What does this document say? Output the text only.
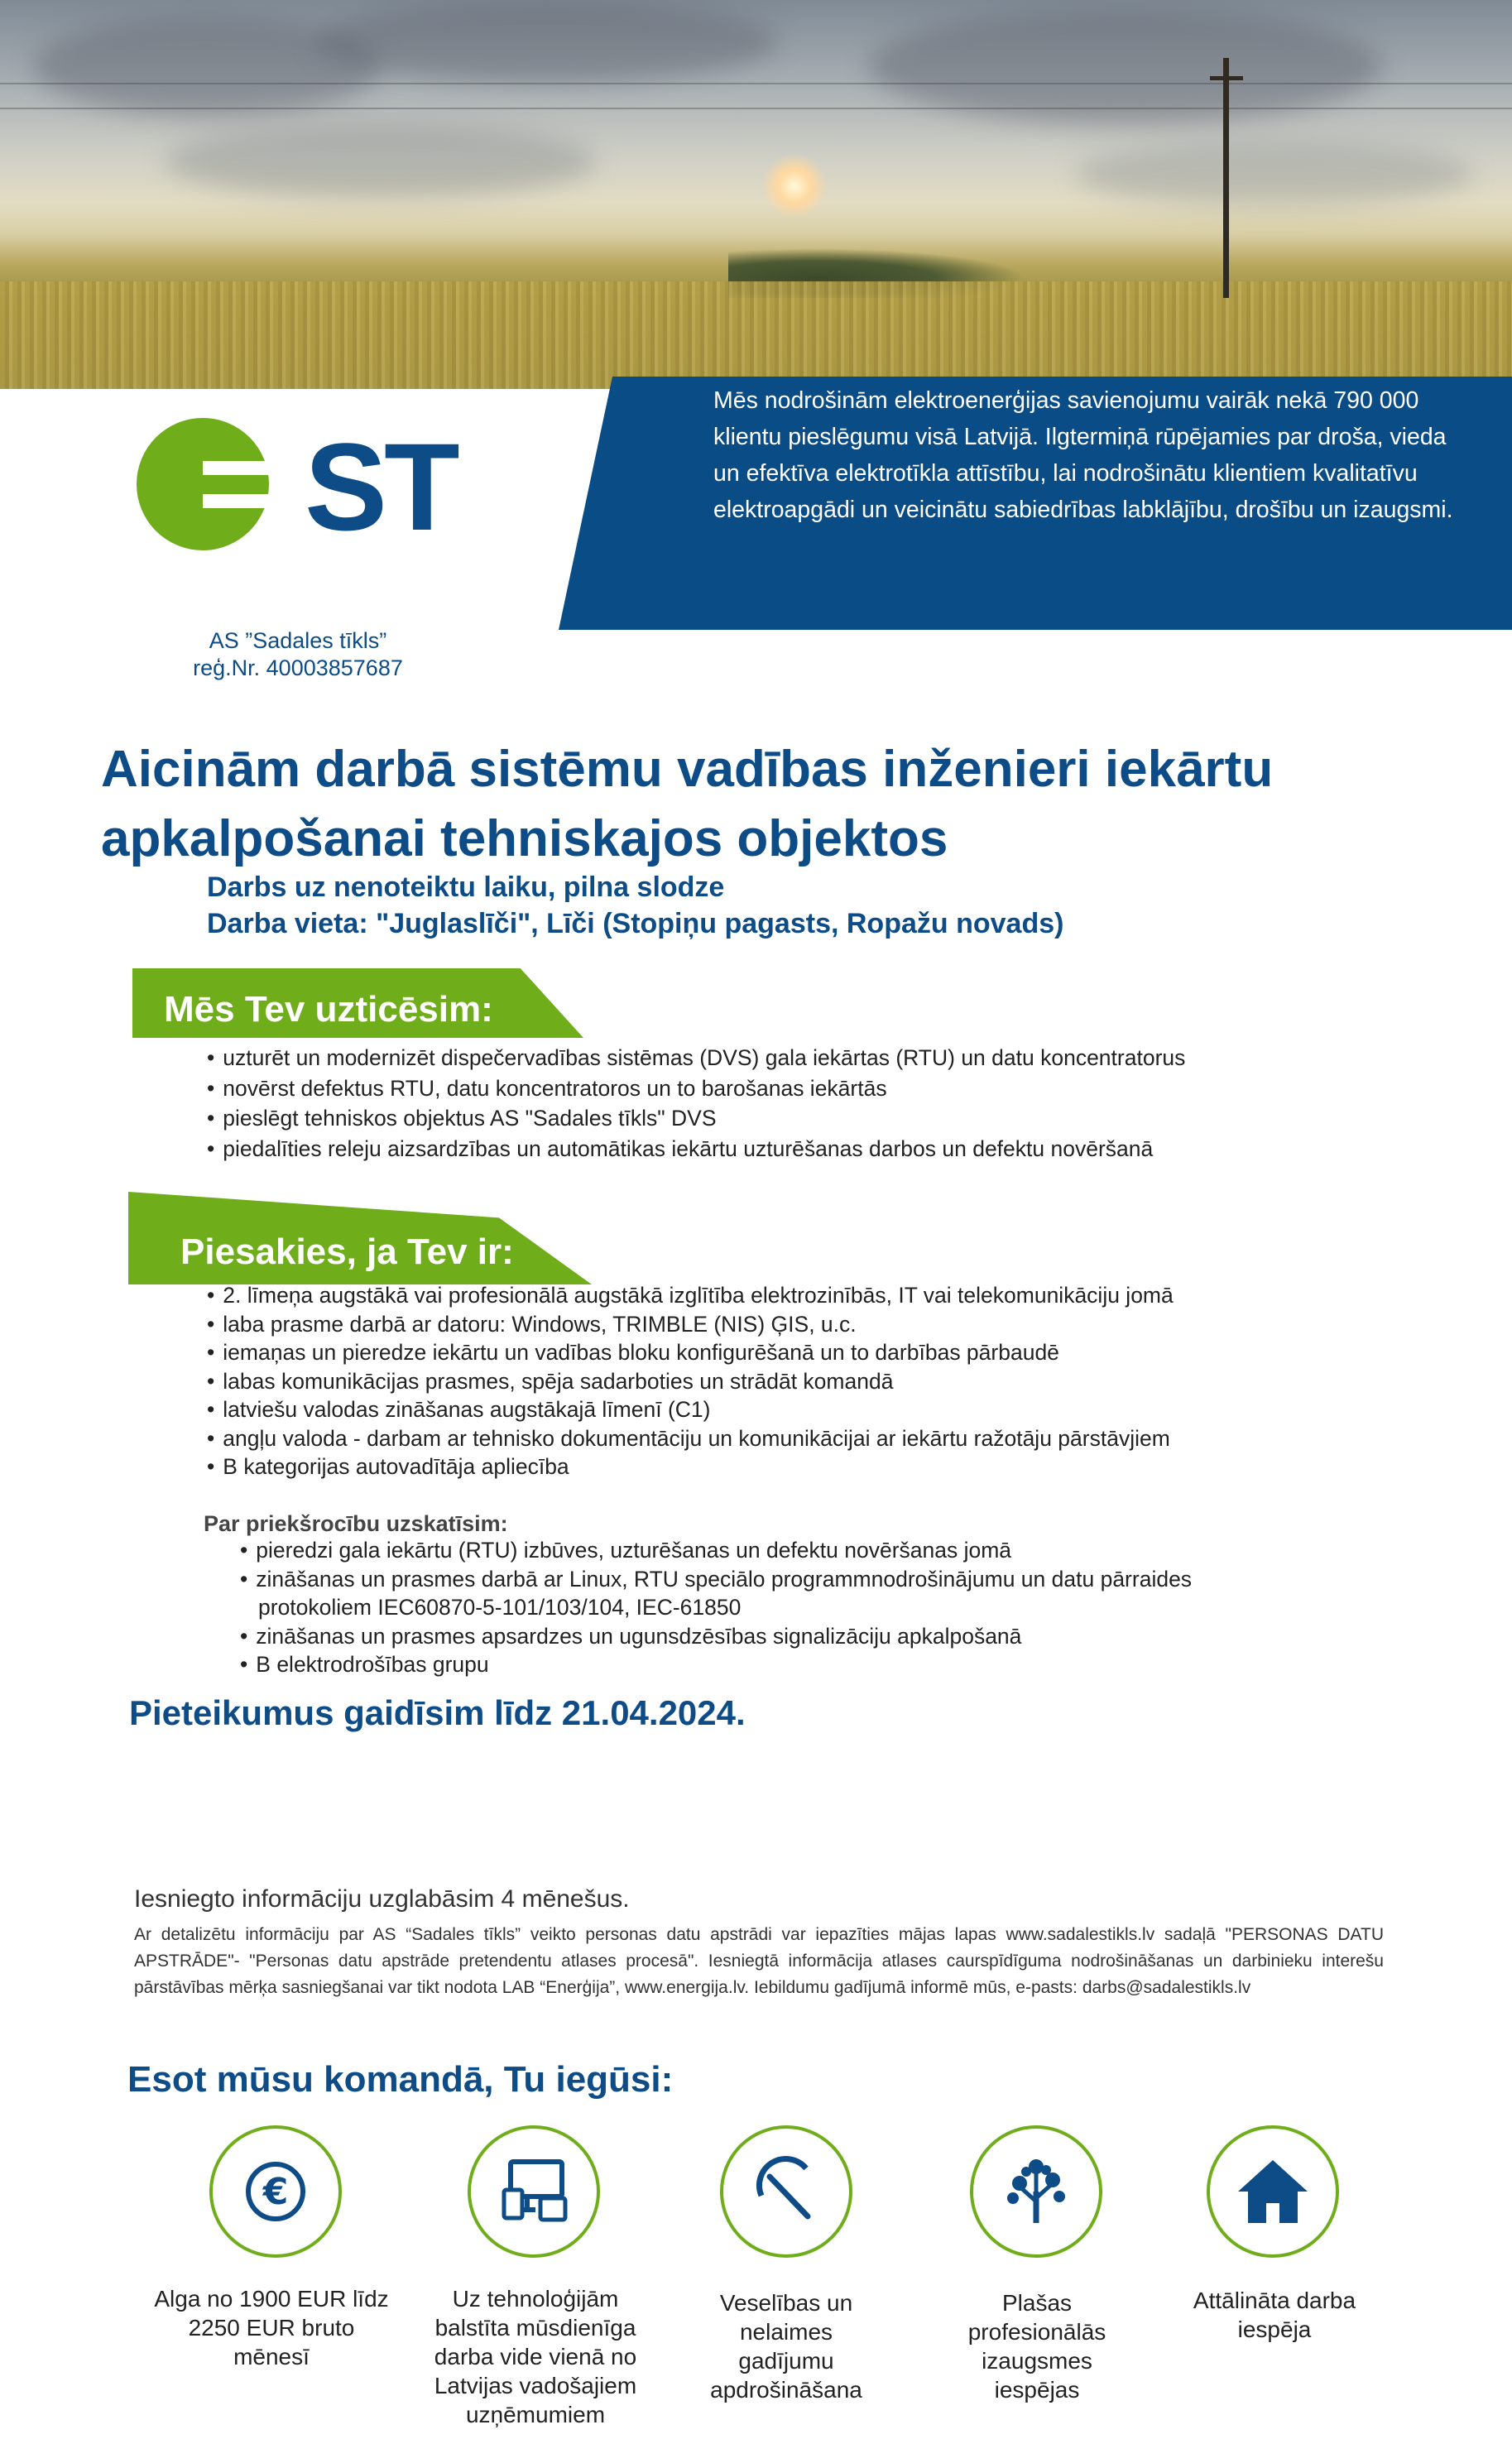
Mēs nodrošinām elektroenerģijas savienojumu vairāk nekā 790 000 klientu pieslēgumu visā Latvijā. Ilgtermiņā rūpējamies par droša, vieda un efektīva elektrotīkla attīstību, lai nodrošinātu klientiem kvalitatīvu elektroapgādi un veicinātu sabiedrības labklājību, drošību un izaugsmi.
ST
AS ”Sadales tīkls”
reģ.Nr. 40003857687
Aicinām darbā sistēmu vadības inženieri iekārtu apkalpošanai tehniskajos objektos
Darbs uz nenoteiktu laiku, pilna slodze
Darba vieta: "Juglaslīči", Līči (Stopiņu pagasts, Ropažu novads)
Mēs Tev uzticēsim:
• uzturēt un modernizēt dispečervadības sistēmas (DVS) gala iekārtas (RTU) un datu koncentratorus
• novērst defektus RTU, datu koncentratoros un to barošanas iekārtās
• pieslēgt tehniskos objektus AS "Sadales tīkls" DVS
• piedalīties releju aizsardzības un automātikas iekārtu uzturēšanas darbos un defektu novēršanā
Piesakies, ja Tev ir:
• 2. līmeņa augstākā vai profesionālā augstākā izglītība elektrozinībās, IT vai telekomunikāciju jomā
• laba prasme darbā ar datoru: Windows, TRIMBLE (NIS) ĢIS, u.c.
• iemaņas un pieredze iekārtu un vadības bloku konfigurēšanā un to darbības pārbaudē
• labas komunikācijas prasmes, spēja sadarboties un strādāt komandā
• latviešu valodas zināšanas augstākajā līmenī (C1)
• angļu valoda - darbam ar tehnisko dokumentāciju un komunikācijai ar iekārtu ražotāju pārstāvjiem
• B kategorijas autovadītāja apliecība
Par priekšrocību uzskatīsim:
• pieredzi gala iekārtu (RTU) izbūves, uzturēšanas un defektu novēršanas jomā
• zināšanas un prasmes darbā ar Linux, RTU speciālo programmnodrošinājumu un datu pārraides
protokoliem IEC60870-5-101/103/104, IEC-61850
• zināšanas un prasmes apsardzes un ugunsdzēsības signalizāciju apkalpošanā
• B elektrodrošības grupu
Pieteikumus gaidīsim līdz 21.04.2024.
Iesniegto informāciju uzglabāsim 4 mēnešus.
Ar detalizētu informāciju par AS “Sadales tīkls” veikto personas datu apstrādi var iepazīties mājas lapas www.sadalestikls.lv sadaļā "PERSONAS DATU APSTRĀDE"- "Personas datu apstrāde pretendentu atlases procesā". Iesniegtā informācija atlases caurspīdīguma nodrošināšanas un darbinieku interešu pārstāvības mērķa sasniegšanai var tikt nodota LAB “Enerģija”, www.energija.lv. Iebildumu gadījumā informē mūs, e-pasts: darbs@sadalestikls.lv
Esot mūsu komandā, Tu iegūsi:
€
Alga no 1900 EUR līdz 2250 EUR bruto mēnesī
Uz tehnoloģijām balstīta mūsdienīga darba vide vienā no Latvijas vadošajiem uzņēmumiem
Veselības un nelaimes gadījumu apdrošināšana
Plašas profesionālās izaugsmes iespējas
Attālināta darba iespēja
